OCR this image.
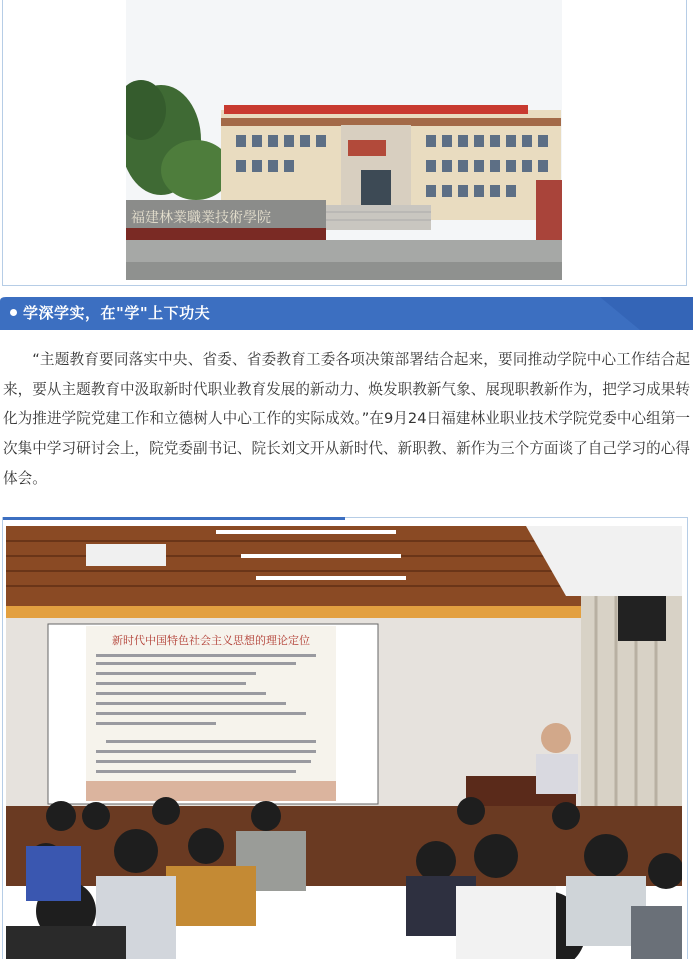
福建林業職業技術學院
学深学实，在"学"上下功夫

“主题教育要同落实中央、省委、省委教育工委各项决策部署结合起来，要同推动学院中心工作结合起来，要从主题教育中汲取新时代职业教育发展的新动力、焕发职教新气象、展现职教新作为，把学习成果转化为推进学院党建工作和立德树人中心工作的实际成效。”在9月24日福建林业职业技术学院党委中心组第一次集中学习研讨会上，院党委副书记、院长刘文开从新时代、新职教、新作为三个方面谈了自己学习的心得体会。

新时代中国特色社会主义思想的理论定位
